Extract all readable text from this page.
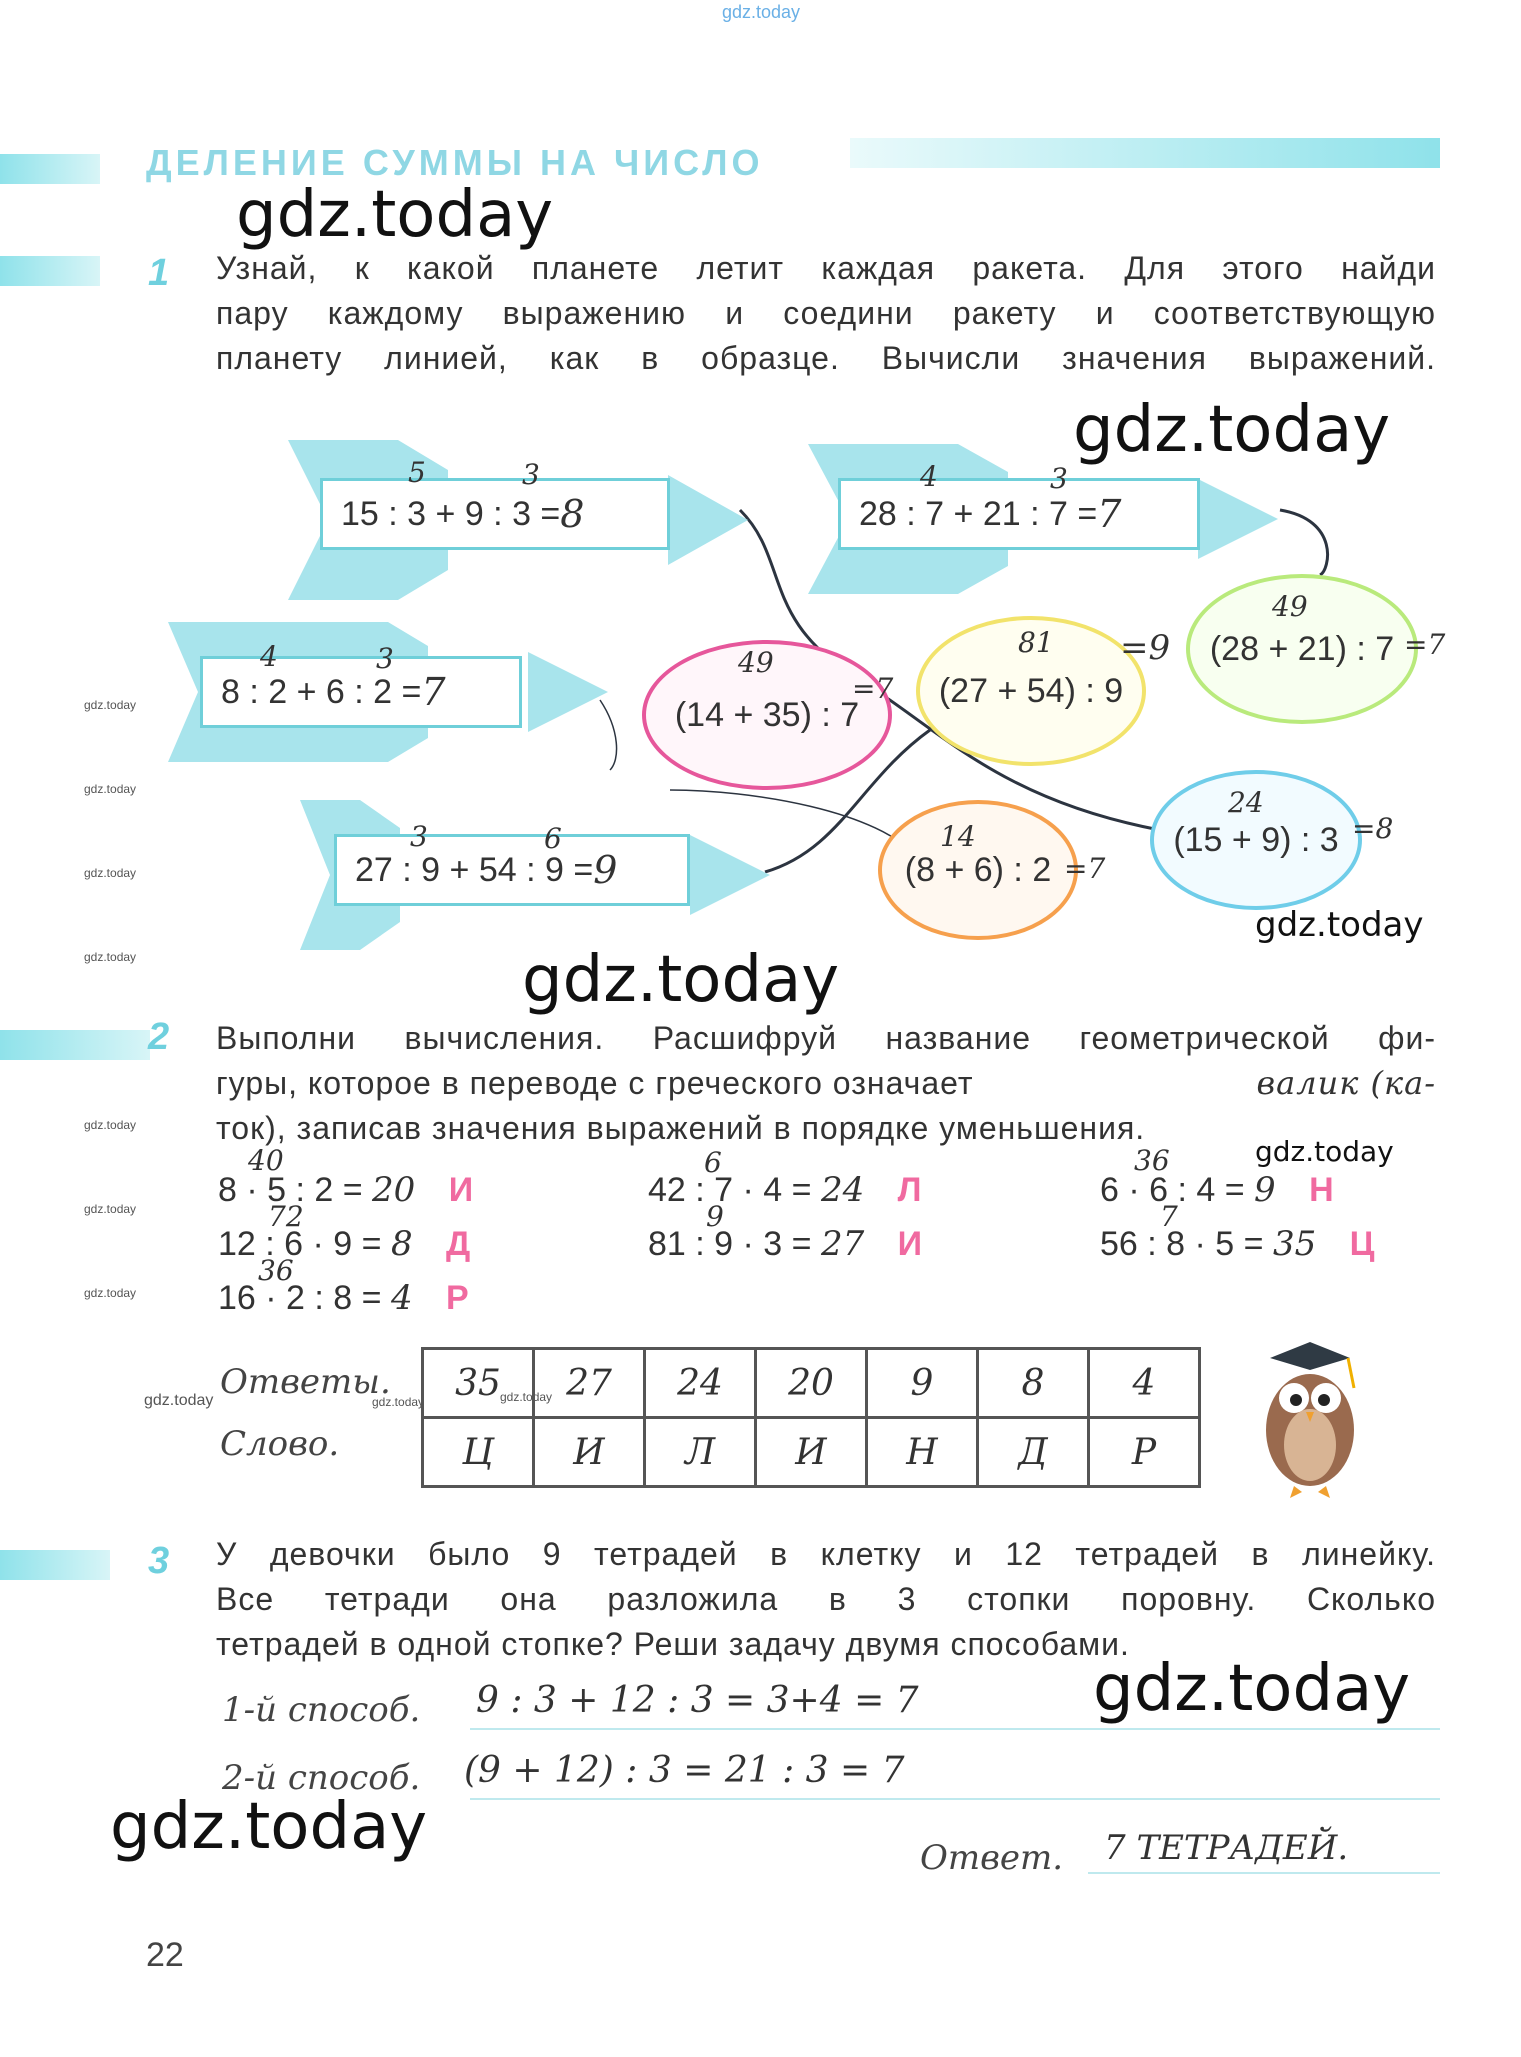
gdz.today
ДЕЛЕНИЕ СУММЫ НА ЧИСЛО
gdz.today
gdz.today
gdz.today
gdz.today
gdz.today
gdz.today
gdz.today
gdz.today
gdz.today
gdz.today
gdz.today
gdz.today
gdz.today
gdz.today
gdz.today	gdz.today	gdz.today
1 Узнай, к какой планете летит каждая ракета. Для этого найди
пару каждому выражению и соедини ракету и соответствующую
планету линией, как в образце. Вычисли значения выражений.
15 : 3 + 9 : 3 = 8
5	3
28 : 7 + 21 : 7 = 7
4	3
8 : 2 + 6 : 2 = 7
4	3
27 : 9 + 54 : 9 = 9
3	6
(14 + 35) : 7
49
=7 (27 + 54) : 9
81 =9 (28 + 21) : 7
49
=7
(8 + 6) : 2
14
=7
(15 + 9) : 3
24
=8
2 Выполни вычисления. Расшифруй название геометрической фи-
гуры, которое в переводе с греческого означает	валик (ка-
ток), записав значения выражений в порядке уменьшения.
8 · 5 : 2 = 20 И
40
12 : 6 · 9 = 8 Д
72
16 · 2 : 8 = 4 Р
36
42 : 7 · 4 = 24 Л
6
81 : 9 · 3 = 27 И
9
6 · 6 : 4 = 9 Н
36
56 : 8 · 5 = 35 Ц
7
Ответы.
Слово.
35	27	24	20	9	8	4
Ц	И	Л	И	Н	Д	Р
3 У девочки было 9 тетрадей в клетку и 12 тетрадей в линейку.
Все тетради она разложила в 3 стопки поровну. Сколько
тетрадей в одной стопке? Реши задачу двумя способами.
1-й способ. 9 : 3 + 12 : 3 = 3+4 = 7
2-й способ. (9 + 12) : 3 = 21 : 3 = 7
Ответ. 7 ТЕТРАДЕЙ.
22
